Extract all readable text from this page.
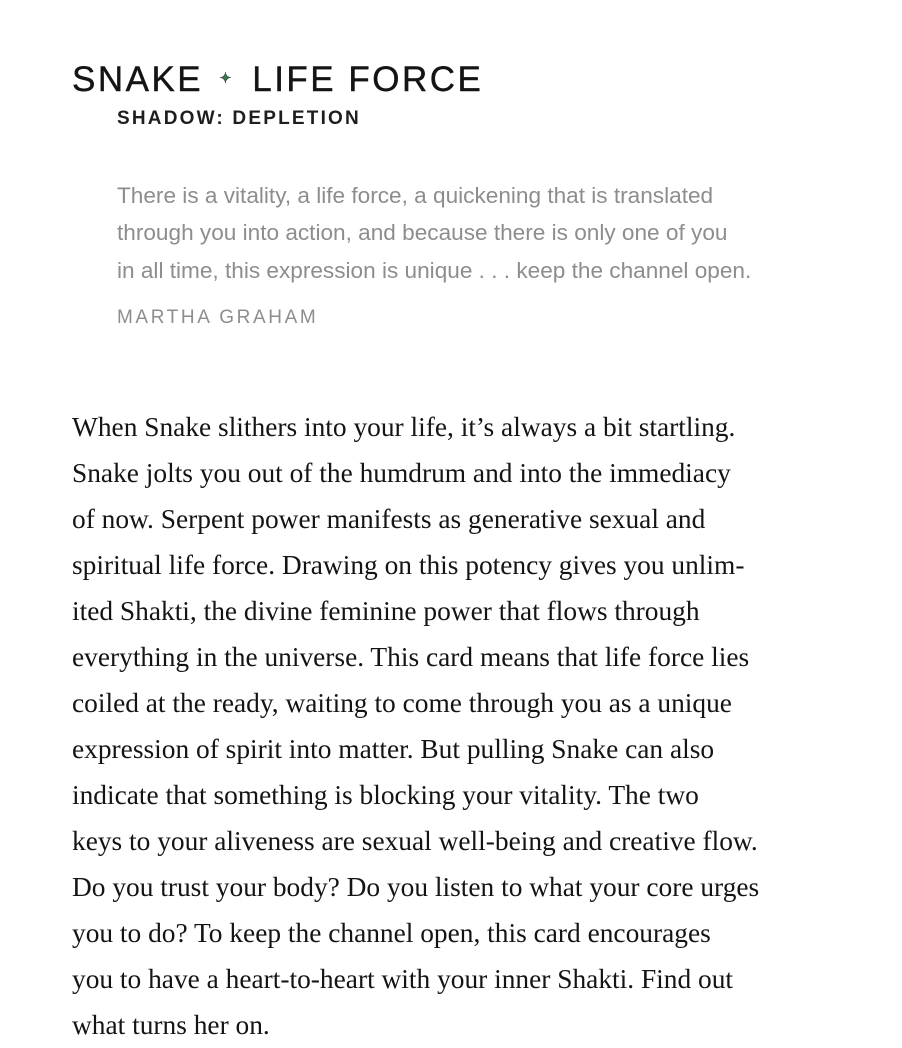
SNAKE ✦ LIFE FORCE
SHADOW: DEPLETION
There is a vitality, a life force, a quickening that is translated
through you into action, and because there is only one of you
in all time, this expression is unique . . . keep the channel open.
MARTHA GRAHAM

When Snake slithers into your life, it’s always a bit startling.
Snake jolts you out of the humdrum and into the immediacy
of now. Serpent power manifests as generative sexual and
spiritual life force. Drawing on this potency gives you unlim-
ited Shakti, the divine feminine power that flows through
everything in the universe. This card means that life force lies
coiled at the ready, waiting to come through you as a unique
expression of spirit into matter. But pulling Snake can also
indicate that something is blocking your vitality. The two
keys to your aliveness are sexual well-being and creative flow.
Do you trust your body? Do you listen to what your core urges
you to do? To keep the channel open, this card encourages
you to have a heart-to-heart with your inner Shakti. Find out
what turns her on.
